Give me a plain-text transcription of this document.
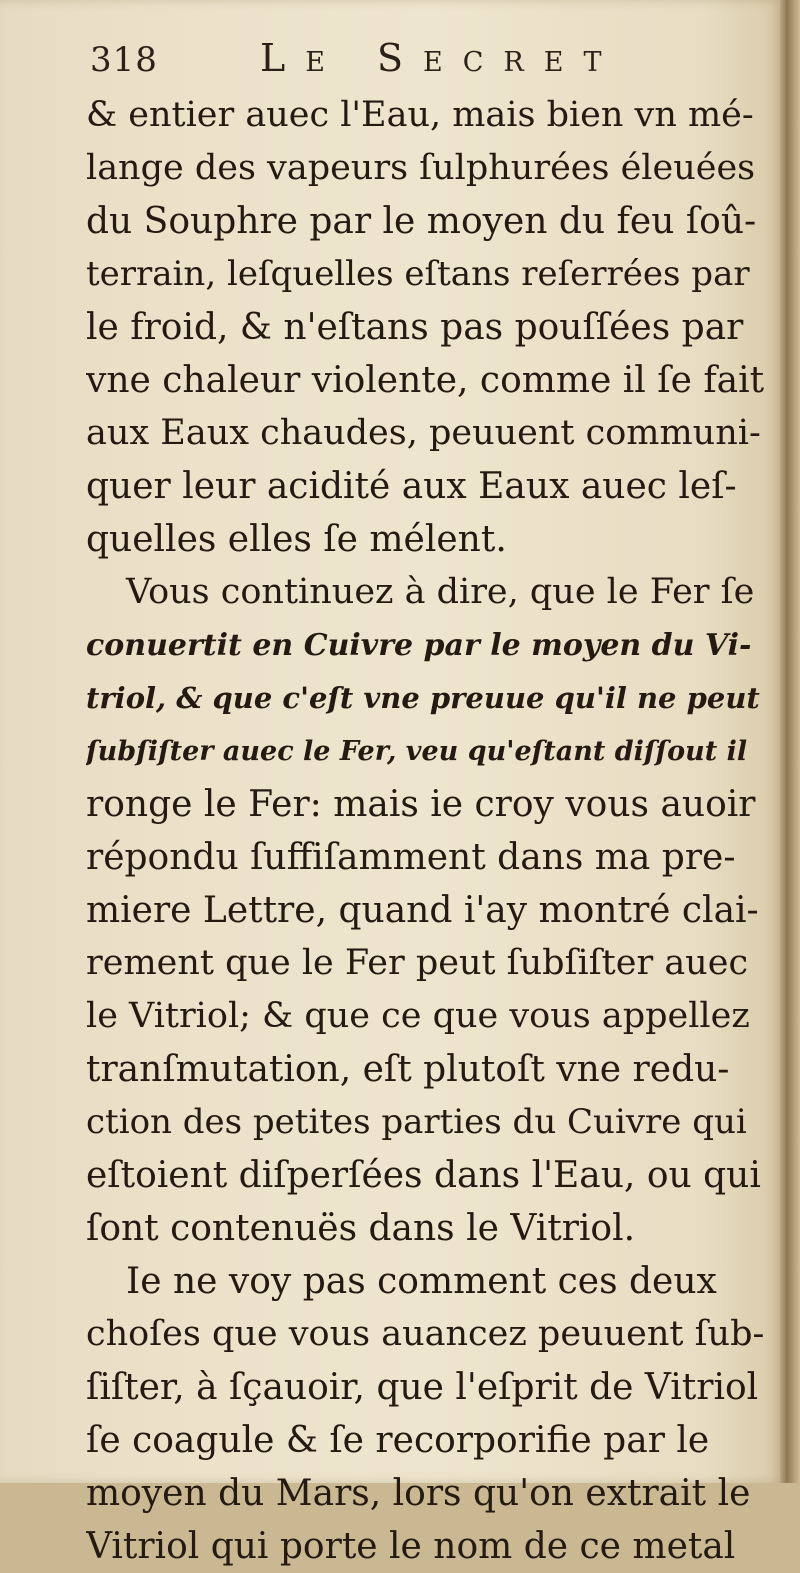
318	Le Secret
& entier auec l'Eau, mais bien vn mé-
lange des vapeurs ſulphurées éleuées
du Souphre par le moyen du feu ſoû-
terrain, leſquelles eſtans reſerrées par
le froid, & n'eſtans pas pouſſées par
vne chaleur violente, comme il ſe fait
aux Eaux chaudes, peuuent communi-
quer leur acidité aux Eaux auec leſ-
quelles elles ſe mélent.
Vous continuez à dire, que le Fer ſe
conuertit en Cuivre par le moyen du Vi-
triol, & que c'eſt vne preuue qu'il ne peut
ſubſiſter auec le Fer, veu qu'eſtant diſſout il
ronge le Fer: mais ie croy vous auoir
répondu ſuffiſamment dans ma pre-
miere Lettre, quand i'ay montré clai-
rement que le Fer peut ſubſiſter auec
le Vitriol; & que ce que vous appellez
tranſmutation, eſt plutoſt vne redu-
ction des petites parties du Cuivre qui
eſtoient diſperſées dans l'Eau, ou qui
ſont contenuës dans le Vitriol.
Ie ne voy pas comment ces deux
choſes que vous auancez peuuent ſub-
ſiſter, à ſçauoir, que l'eſprit de Vitriol
ſe coagule & ſe recorporifie par le
moyen du Mars, lors qu'on extrait le
Vitriol qui porte le nom de ce metal
